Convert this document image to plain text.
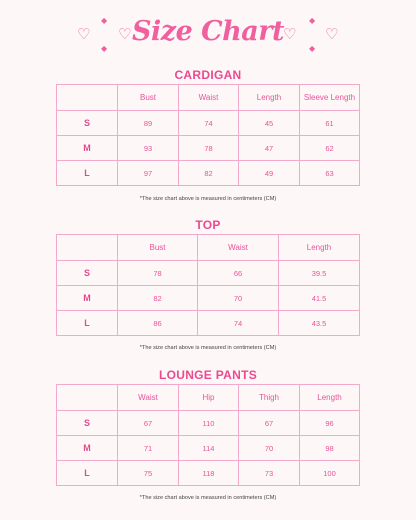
◆
♡ ♡
◆
Size Chart	◆
♡ ♡
◆
CARDIGAN
	Bust	Waist	Length	Sleeve Length
S	89	74	45	61
M	93	78	47	62
L	97	82	49	63
*The size chart above is measured in centimeters (CM)
TOP
	Bust	Waist	Length
S	78	66	39.5
M	82	70	41.5
L	86	74	43.5
*The size chart above is measured in centimeters (CM)
LOUNGE PANTS
	Waist	Hip	Thigh	Length
S	67	110	67	96
M	71	114	70	98
L	75	118	73	100
*The size chart above is measured in centimeters (CM)
